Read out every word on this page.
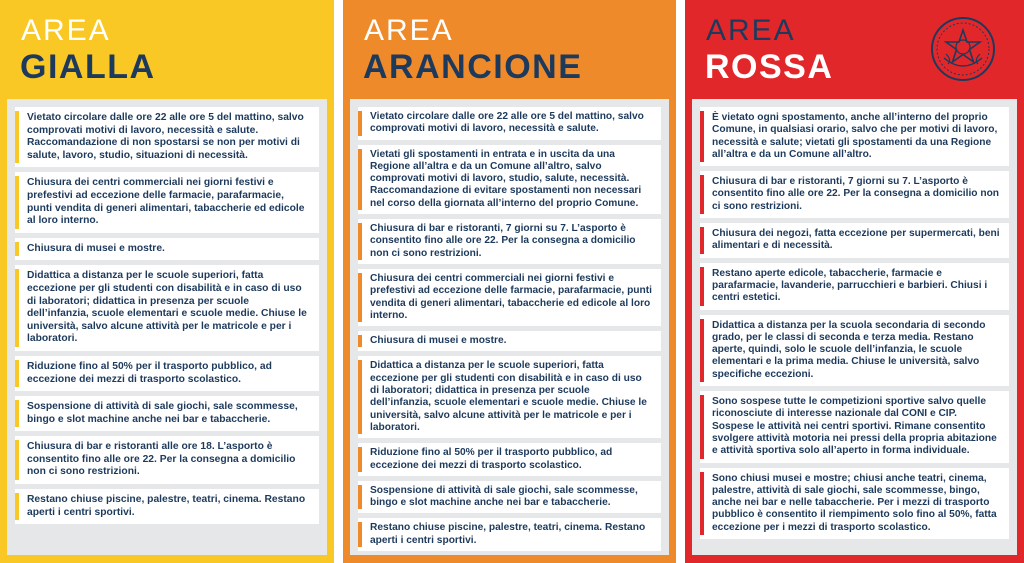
AREA
GIALLA
Vietato circolare dalle ore 22 alle ore 5 del mattino, salvo comprovati motivi di lavoro, necessità e salute. Raccomandazione di non spostarsi se non per motivi di salute, lavoro, studio, situazioni di necessità.
Chiusura dei centri commerciali nei giorni festivi e prefestivi ad eccezione delle farmacie, parafarmacie, punti vendita di generi alimentari, tabaccherie ed edicole al loro interno.
Chiusura di musei e mostre.
Didattica a distanza per le scuole superiori, fatta eccezione per gli studenti con disabilità e in caso di uso di laboratori; didattica in presenza per scuole dell’infanzia, scuole elementari e scuole medie. Chiuse le università, salvo alcune attività per le matricole e per i laboratori.
Riduzione fino al 50% per il trasporto pubblico, ad eccezione dei mezzi di trasporto scolastico.
Sospensione di attività di sale giochi, sale scommesse, bingo e slot machine anche nei bar e tabaccherie.
Chiusura di bar e ristoranti alle ore 18. L’asporto è consentito fino alle ore 22. Per la consegna a domicilio non ci sono restrizioni.
Restano chiuse piscine, palestre, teatri, cinema. Restano aperti i centri sportivi.
AREA
ARANCIONE
Vietato circolare dalle ore 22 alle ore 5 del mattino, salvo comprovati motivi di lavoro, necessità e salute.
Vietati gli spostamenti in entrata e in uscita da una Regione all’altra e da un Comune all’altro, salvo comprovati motivi di lavoro, studio, salute, necessità. Raccomandazione di evitare spostamenti non necessari nel corso della giornata all’interno del proprio Comune.
Chiusura di bar e ristoranti, 7 giorni su 7. L’asporto è consentito fino alle ore 22. Per la consegna a domicilio non ci sono restrizioni.
Chiusura dei centri commerciali nei giorni festivi e prefestivi ad eccezione delle farmacie, parafarmacie, punti vendita di generi alimentari, tabaccherie ed edicole al loro interno.
Chiusura di musei e mostre.
Didattica a distanza per le scuole superiori, fatta eccezione per gli studenti con disabilità e in caso di uso di laboratori; didattica in presenza per scuole dell’infanzia, scuole elementari e scuole medie. Chiuse le università, salvo alcune attività per le matricole e per i laboratori.
Riduzione fino al 50% per il trasporto pubblico, ad eccezione dei mezzi di trasporto scolastico.
Sospensione di attività di sale giochi, sale scommesse, bingo e slot machine anche nei bar e tabaccherie.
Restano chiuse piscine, palestre, teatri, cinema. Restano aperti i centri sportivi.
AREA
ROSSA
È vietato ogni spostamento, anche all’interno del proprio Comune, in qualsiasi orario, salvo che per motivi di lavoro, necessità e salute; vietati gli spostamenti da una Regione all’altra e da un Comune all’altro.
Chiusura di bar e ristoranti, 7 giorni su 7. L’asporto è consentito fino alle ore 22. Per la consegna a domicilio non ci sono restrizioni.
Chiusura dei negozi, fatta eccezione per supermercati, beni alimentari e di necessità.
Restano aperte edicole, tabaccherie, farmacie e parafarmacie, lavanderie, parrucchieri e barbieri. Chiusi i centri estetici.
Didattica a distanza per la scuola secondaria di secondo grado, per le classi di seconda e terza media. Restano aperte, quindi, solo le scuole dell’infanzia, le scuole elementari e la prima media. Chiuse le università, salvo specifiche eccezioni.
Sono sospese tutte le competizioni sportive salvo quelle riconosciute di interesse nazionale dal CONI e CIP. Sospese le attività nei centri sportivi. Rimane consentito svolgere attività motoria nei pressi della propria abitazione e attività sportiva solo all’aperto in forma individuale.
Sono chiusi musei e mostre; chiusi anche teatri, cinema, palestre, attività di sale giochi, sale scommesse, bingo, anche nei bar e nelle tabaccherie. Per i mezzi di trasporto pubblico è consentito il riempimento solo fino al 50%, fatta eccezione per i mezzi di trasporto scolastico.
